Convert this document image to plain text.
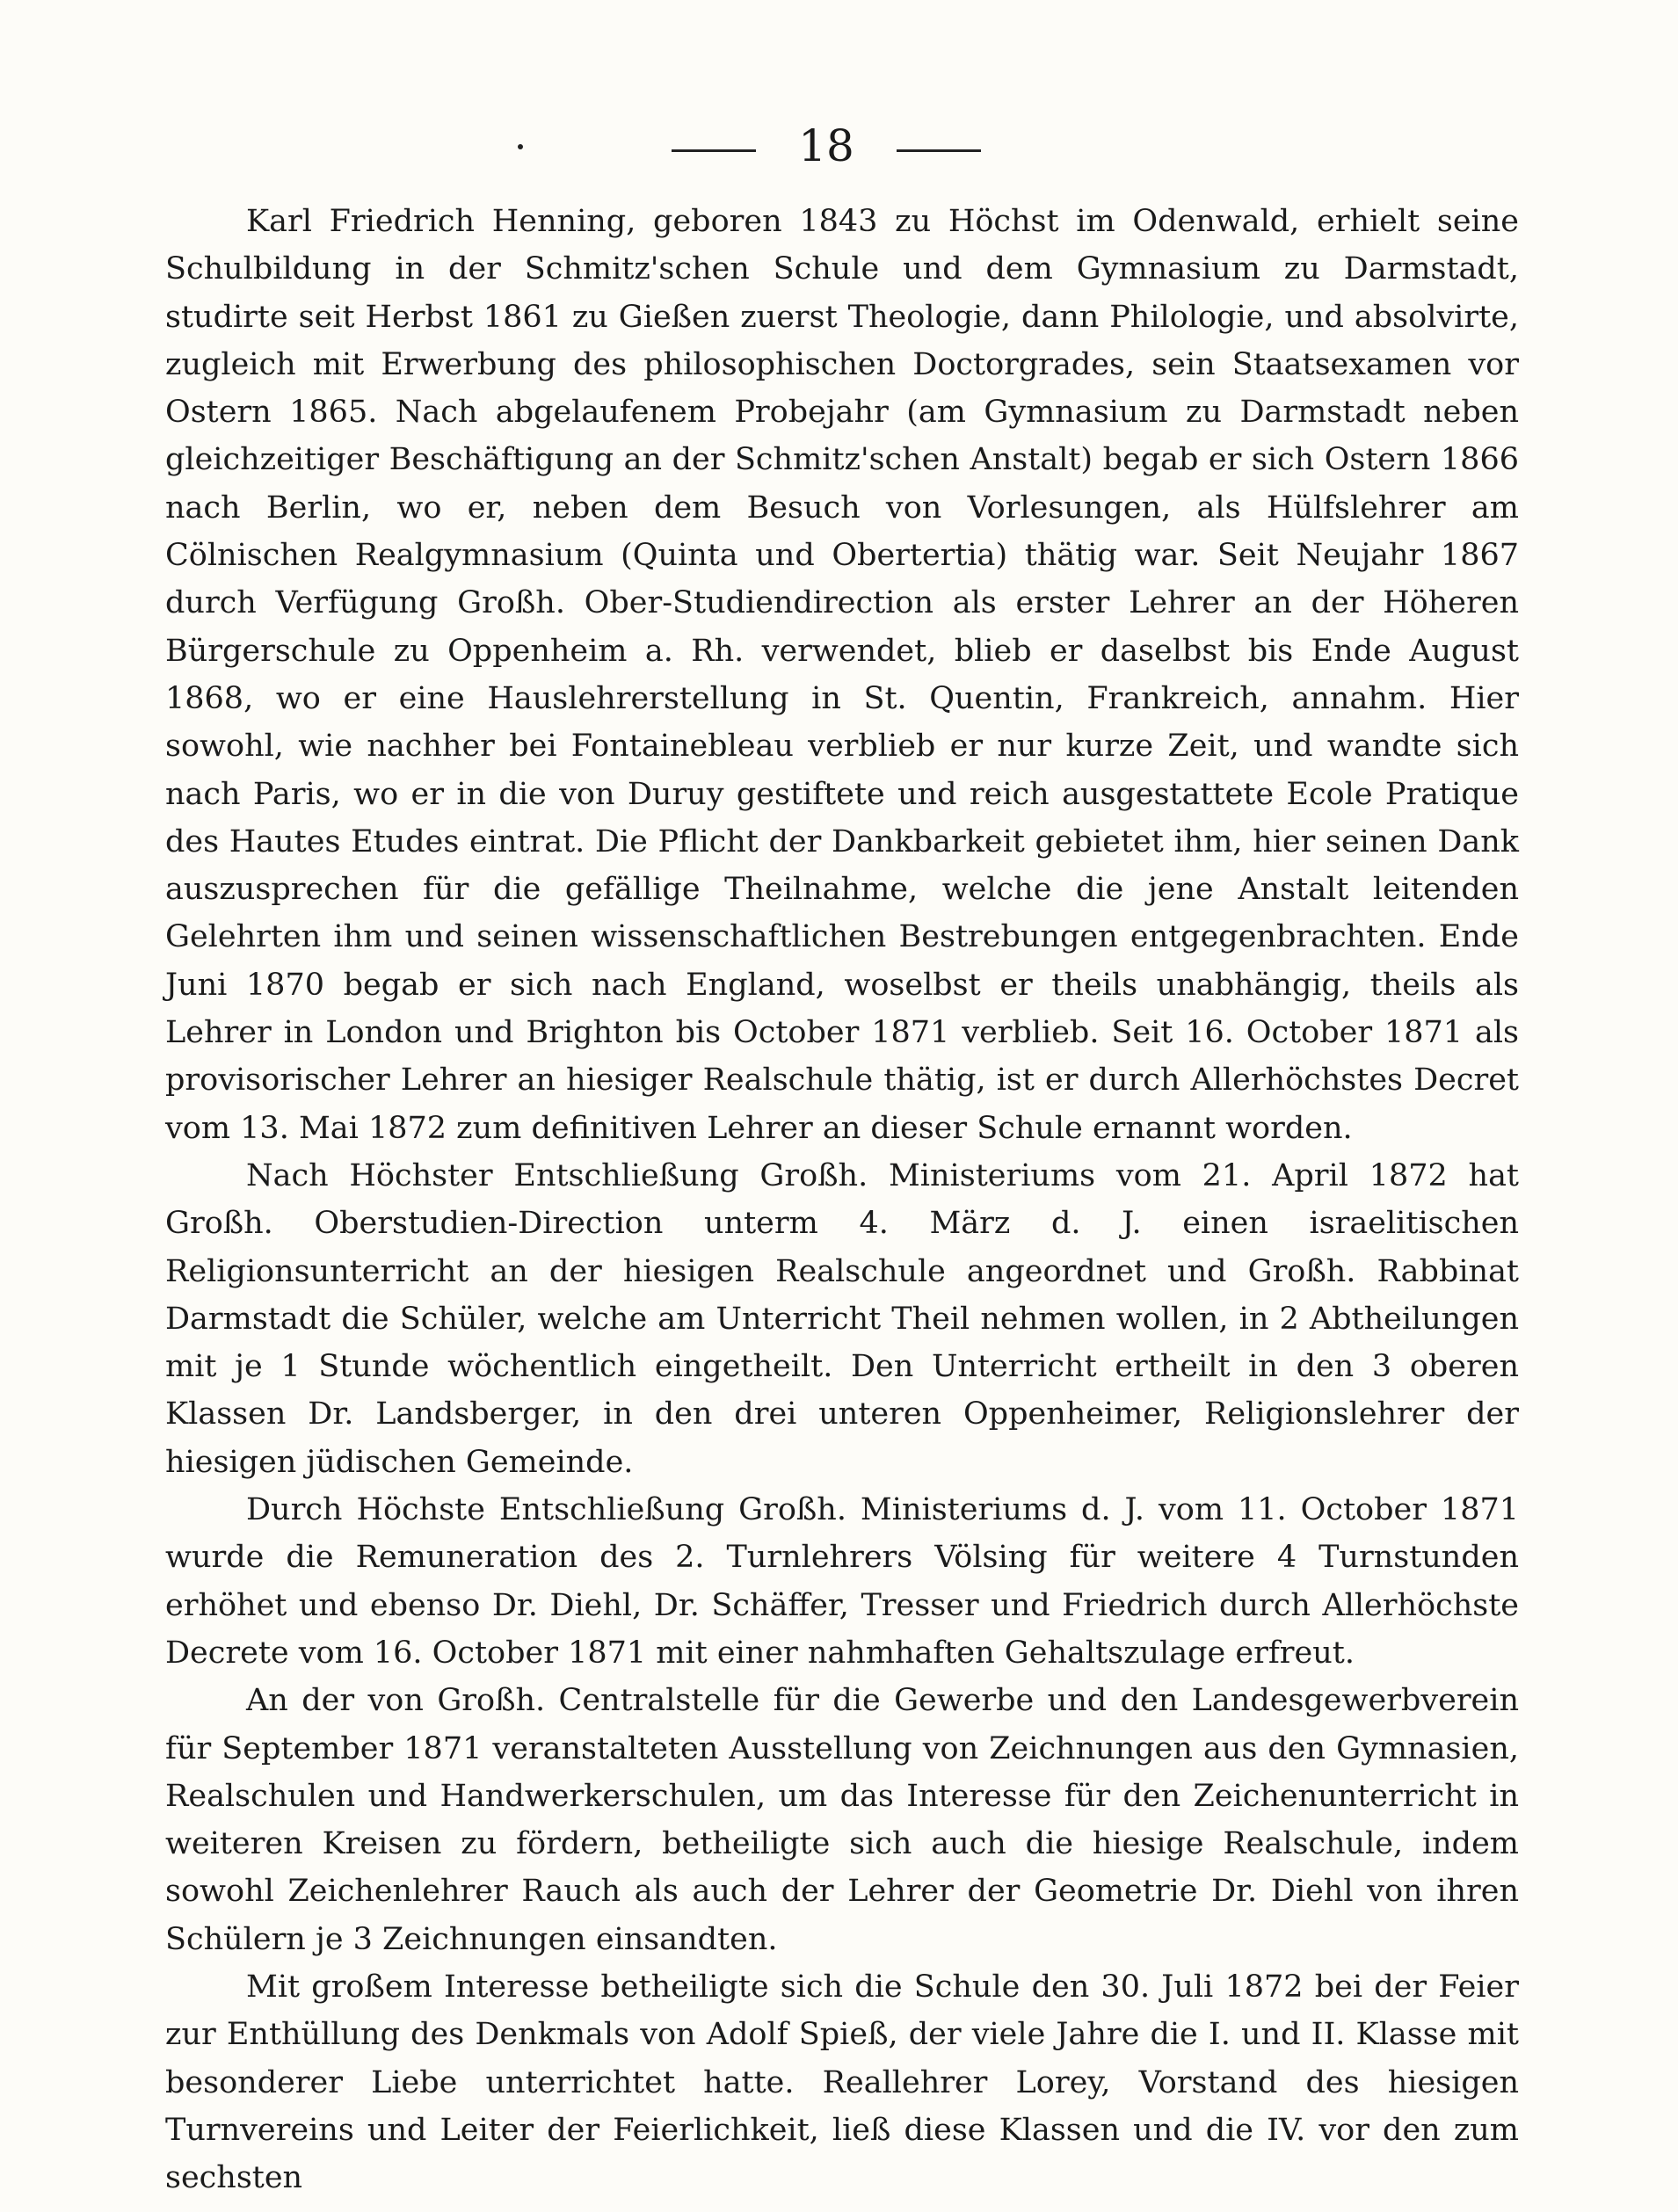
18

Karl Friedrich Henning, geboren 1843 zu Höchst im Odenwald, erhielt seine Schulbildung in der Schmitz'schen Schule und dem Gymnasium zu Darmstadt, studirte seit Herbst 1861 zu Gießen zuerst Theologie, dann Philologie, und absolvirte, zugleich mit Erwerbung des philosophischen Doctorgrades, sein Staatsexamen vor Ostern 1865. Nach abgelaufenem Probejahr (am Gymnasium zu Darmstadt neben gleichzeitiger Beschäftigung an der Schmitz'schen Anstalt) begab er sich Ostern 1866 nach Berlin, wo er, neben dem Besuch von Vorlesungen, als Hülfslehrer am Cölnischen Realgymnasium (Quinta und Obertertia) thätig war. Seit Neujahr 1867 durch Verfügung Großh. Ober-Studiendirection als erster Lehrer an der Höheren Bürgerschule zu Oppenheim a. Rh. verwendet, blieb er daselbst bis Ende August 1868, wo er eine Hauslehrerstellung in St. Quentin, Frankreich, annahm. Hier sowohl, wie nachher bei Fontainebleau verblieb er nur kurze Zeit, und wandte sich nach Paris, wo er in die von Duruy gestiftete und reich ausgestattete Ecole Pratique des Hautes Etudes eintrat. Die Pflicht der Dankbarkeit gebietet ihm, hier seinen Dank auszusprechen für die gefällige Theilnahme, welche die jene Anstalt leitenden Gelehrten ihm und seinen wissenschaftlichen Bestrebungen entgegenbrachten. Ende Juni 1870 begab er sich nach England, woselbst er theils unabhängig, theils als Lehrer in London und Brighton bis October 1871 verblieb. Seit 16. October 1871 als provisorischer Lehrer an hiesiger Realschule thätig, ist er durch Allerhöchstes Decret vom 13. Mai 1872 zum definitiven Lehrer an dieser Schule ernannt worden.

Nach Höchster Entschließung Großh. Ministeriums vom 21. April 1872 hat Großh. Oberstudien-Direction unterm 4. März d. J. einen israelitischen Religionsunterricht an der hiesigen Realschule angeordnet und Großh. Rabbinat Darmstadt die Schüler, welche am Unterricht Theil nehmen wollen, in 2 Abtheilungen mit je 1 Stunde wöchentlich eingetheilt. Den Unterricht ertheilt in den 3 oberen Klassen Dr. Landsberger, in den drei unteren Oppenheimer, Religionslehrer der hiesigen jüdischen Gemeinde.

Durch Höchste Entschließung Großh. Ministeriums d. J. vom 11. October 1871 wurde die Remuneration des 2. Turnlehrers Völsing für weitere 4 Turnstunden erhöhet und ebenso Dr. Diehl, Dr. Schäffer, Tresser und Friedrich durch Allerhöchste Decrete vom 16. October 1871 mit einer nahmhaften Gehaltszulage erfreut.

An der von Großh. Centralstelle für die Gewerbe und den Landesgewerbverein für September 1871 veranstalteten Ausstellung von Zeichnungen aus den Gymnasien, Realschulen und Handwerkerschulen, um das Interesse für den Zeichenunterricht in weiteren Kreisen zu fördern, betheiligte sich auch die hiesige Realschule, indem sowohl Zeichenlehrer Rauch als auch der Lehrer der Geometrie Dr. Diehl von ihren Schülern je 3 Zeichnungen einsandten.

Mit großem Interesse betheiligte sich die Schule den 30. Juli 1872 bei der Feier zur Enthüllung des Denkmals von Adolf Spieß, der viele Jahre die I. und II. Klasse mit besonderer Liebe unterrichtet hatte. Reallehrer Lorey, Vorstand des hiesigen Turnvereins und Leiter der Feierlichkeit, ließ diese Klassen und die IV. vor den zum sechsten
